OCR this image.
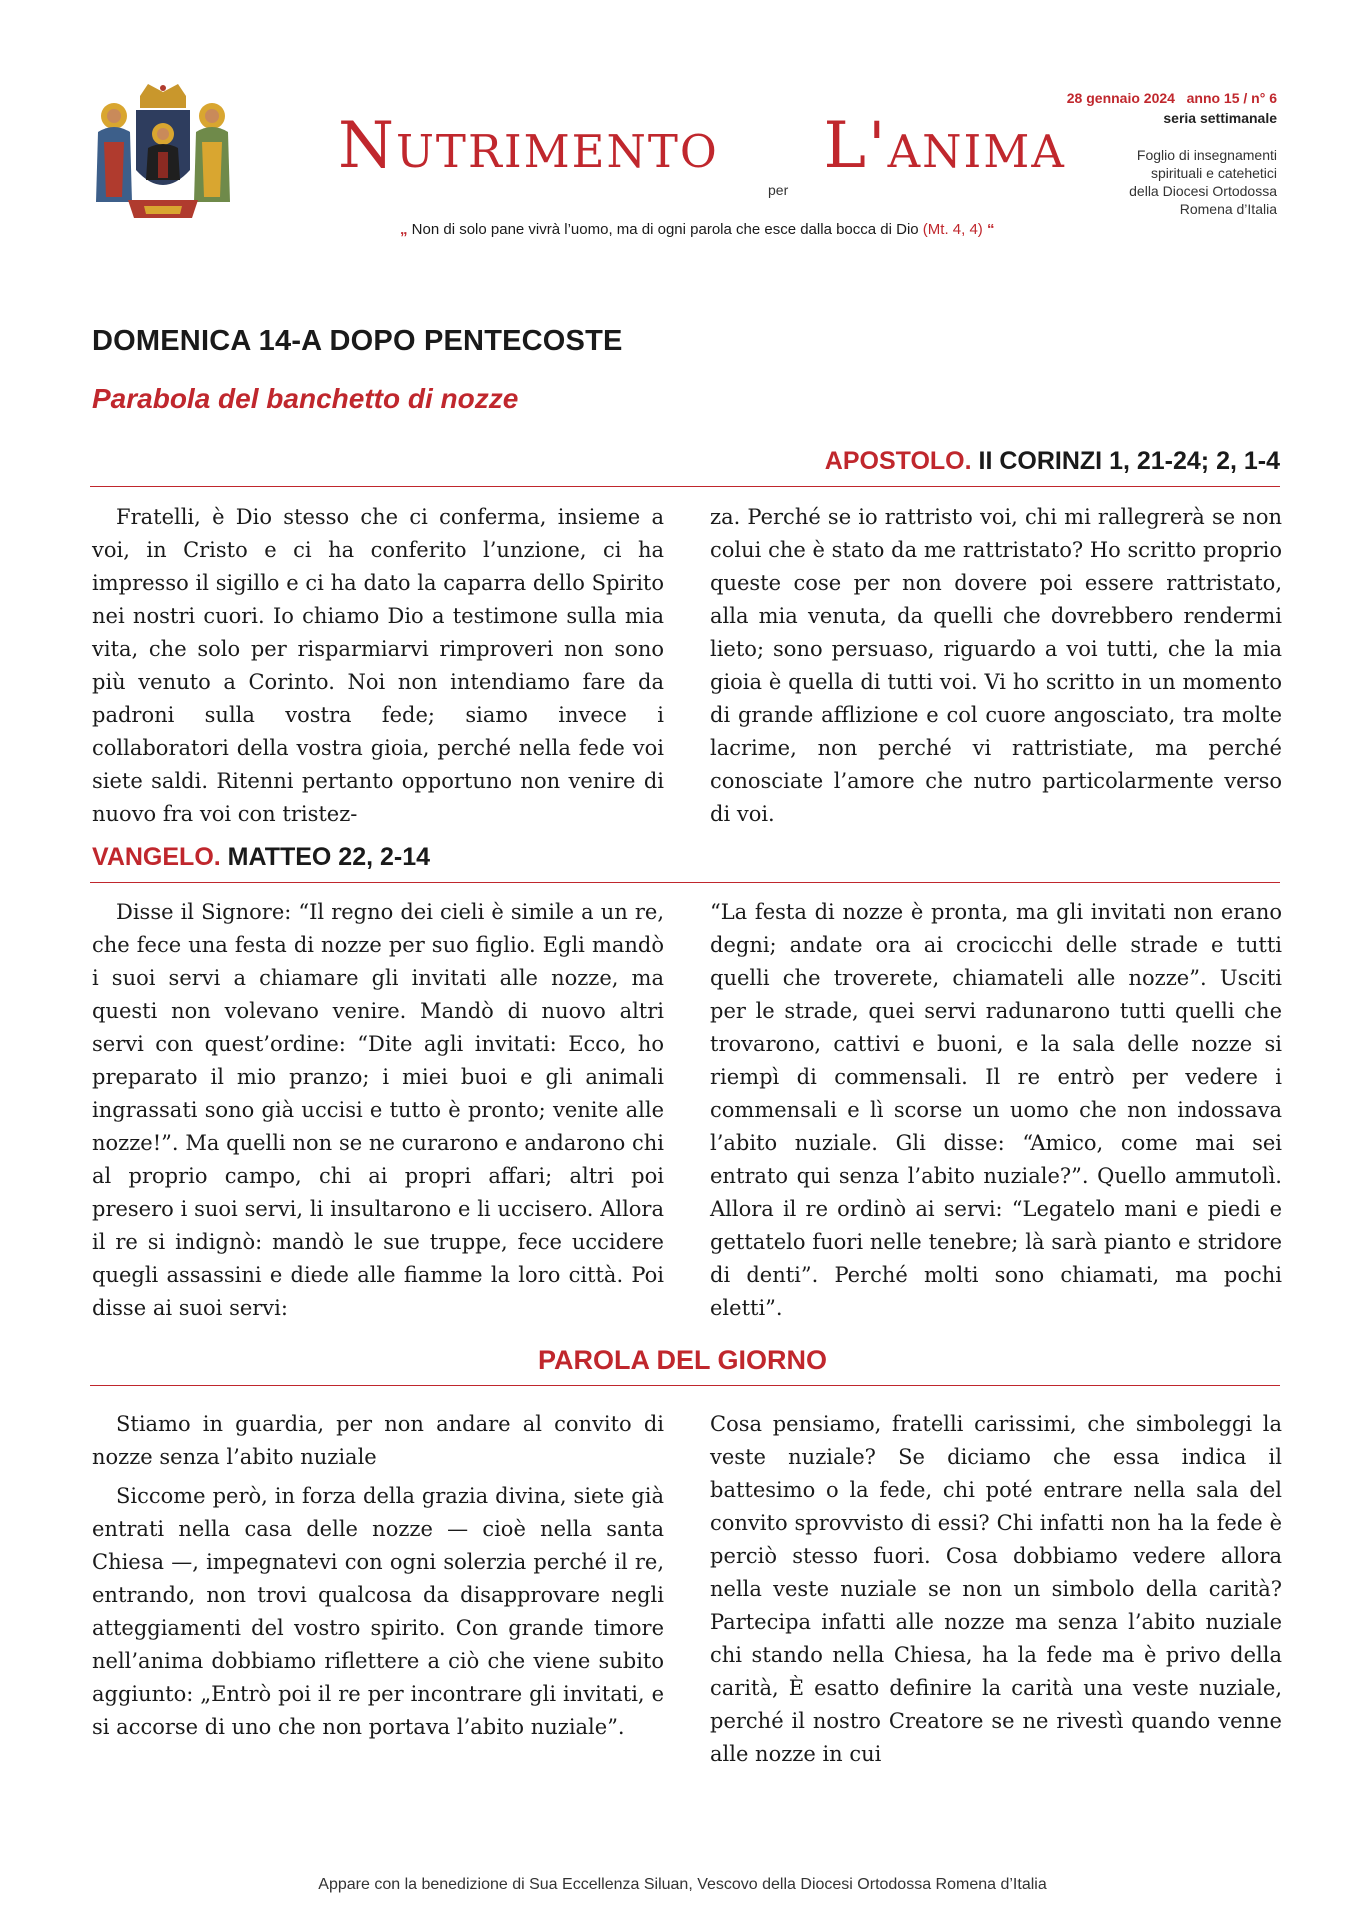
Nutrimento L'anima
per
„ Non di solo pane vivrà l’uomo, ma di ogni parola che esce dalla bocca di Dio (Mt. 4, 4) “
28 gennaio 2024   anno 15 / n° 6
seria settimanale
Foglio di insegnamenti
spirituali e catehetici
della Diocesi Ortodossa
Romena d’Italia
DOMENICA 14-A DOPO PENTECOSTE
Parabola del banchetto di nozze
APOSTOLO. II CORINZI 1, 21-24; 2, 1-4

Fratelli, è Dio stesso che ci conferma, insieme a voi, in Cristo e ci ha conferito l’unzione, ci ha impresso il sigillo e ci ha dato la caparra dello Spirito nei nostri cuori. Io chiamo Dio a testimone sulla mia vita, che solo per risparmiarvi rimproveri non sono più venuto a Corinto. Noi non intendiamo fare da padroni sulla vostra fede; siamo invece i collaboratori della vostra gioia, perché nella fede voi siete saldi. Ritenni pertanto opportuno non venire di nuovo fra voi con tristez-

za. Perché se io rattristo voi, chi mi rallegrerà se non colui che è stato da me rattristato? Ho scritto proprio queste cose per non dovere poi essere rattristato, alla mia venuta, da quelli che dovrebbero rendermi lieto; sono persuaso, riguardo a voi tutti, che la mia gioia è quella di tutti voi. Vi ho scritto in un momento di grande afflizione e col cuore angosciato, tra molte lacrime, non perché vi rattristiate, ma perché conosciate l’amore che nutro particolarmente verso di voi.

VANGELO. MATTEO 22, 2-14

Disse il Signore: “Il regno dei cieli è simile a un re, che fece una festa di nozze per suo figlio. Egli mandò i suoi servi a chiamare gli invitati alle nozze, ma questi non volevano venire. Mandò di nuovo altri servi con quest’ordine: “Dite agli invitati: Ecco, ho preparato il mio pranzo; i miei buoi e gli animali ingrassati sono già uccisi e tutto è pronto; venite alle nozze!”. Ma quelli non se ne curarono e andarono chi al proprio campo, chi ai propri affari; altri poi presero i suoi servi, li insultarono e li uccisero. Allora il re si indignò: mandò le sue truppe, fece uccidere quegli assassini e diede alle fiamme la loro città. Poi disse ai suoi servi:

“La festa di nozze è pronta, ma gli invitati non erano degni; andate ora ai crocicchi delle strade e tutti quelli che troverete, chiamateli alle nozze”. Usciti per le strade, quei servi radunarono tutti quelli che trovarono, cattivi e buoni, e la sala delle nozze si riempì di commensali. Il re entrò per vedere i commensali e lì scorse un uomo che non indossava l’abito nuziale. Gli disse: “Amico, come mai sei entrato qui senza l’abito nuziale?”. Quello ammutolì. Allora il re ordinò ai servi: “Legatelo mani e piedi e gettatelo fuori nelle tenebre; là sarà pianto e stridore di denti”. Perché molti sono chiamati, ma pochi eletti”.

PAROLA DEL GIORNO

Stiamo in guardia, per non andare al convito di nozze senza l’abito nuziale

Siccome però, in forza della grazia divina, siete già entrati nella casa delle nozze — cioè nella santa Chiesa —, impegnatevi con ogni solerzia perché il re, entrando, non trovi qualcosa da disapprovare negli atteggiamenti del vostro spirito. Con grande timore nell’anima dobbiamo riflettere a ciò che viene subito aggiunto: „Entrò poi il re per incontrare gli invitati, e si accorse di uno che non portava l’abito nuziale”.

Cosa pensiamo, fratelli carissimi, che simboleggi la veste nuziale? Se diciamo che essa indica il battesimo o la fede, chi poté entrare nella sala del convito sprovvisto di essi? Chi infatti non ha la fede è perciò stesso fuori. Cosa dobbiamo vedere allora nella veste nuziale se non un simbolo della carità? Partecipa infatti alle nozze ma senza l’abito nuziale chi stando nella Chiesa, ha la fede ma è privo della carità, È esatto definire la carità una veste nuziale, perché il nostro Creatore se ne rivestì quando venne alle nozze in cui

Appare con la benedizione di Sua Eccellenza Siluan, Vescovo della Diocesi Ortodossa Romena d’Italia
